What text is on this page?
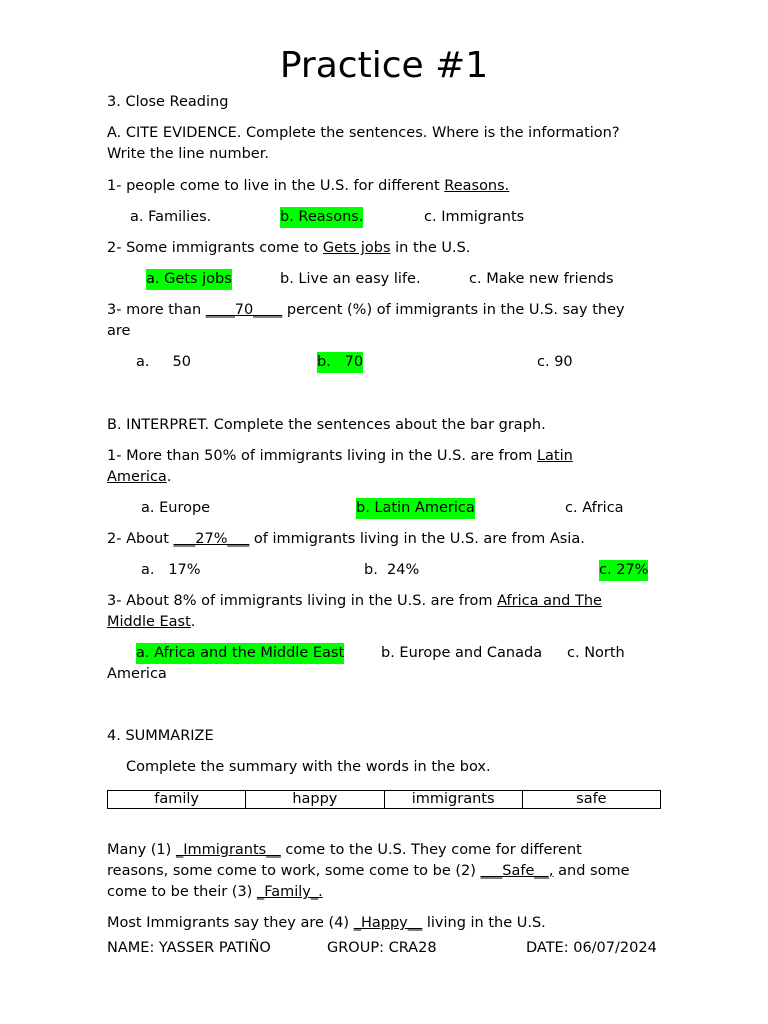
Practice #1
3. Close Reading
A. CITE EVIDENCE. Complete the sentences. Where is the information?
Write the line number.
1- people come to live in the U.S. for different Reasons.
a. Families.	b. Reasons.	c. Immigrants
2- Some immigrants come to Gets jobs in the U.S.
a. Gets jobs	b. Live an easy life.	c. Make new friends
3- more than ____70____ percent (%) of immigrants in the U.S. say they
are
a.     50	b.   70	c. 90
B. INTERPRET. Complete the sentences about the bar graph.
1- More than 50% of immigrants living in the U.S. are from Latin
America.
a. Europe	b. Latin America	c. Africa
2- About ___27%___ of immigrants living in the U.S. are from Asia.
a.   17%	b.  24%	c. 27%
3- About 8% of immigrants living in the U.S. are from Africa and The
Middle East.
a. Africa and the Middle East	b. Europe and Canada c. North
America
4. SUMMARIZE
Complete the summary with the words in the box.
family	happy	immigrants	safe
Many (1) _Immigrants__ come to the U.S. They come for different
reasons, some come to work, some come to be (2) ___Safe__, and some
come to be their (3) _Family_.
Most Immigrants say they are (4) _Happy__ living in the U.S.
NAME: YASSER PATIÑO	GROUP: CRA28	DATE: 06/07/2024
